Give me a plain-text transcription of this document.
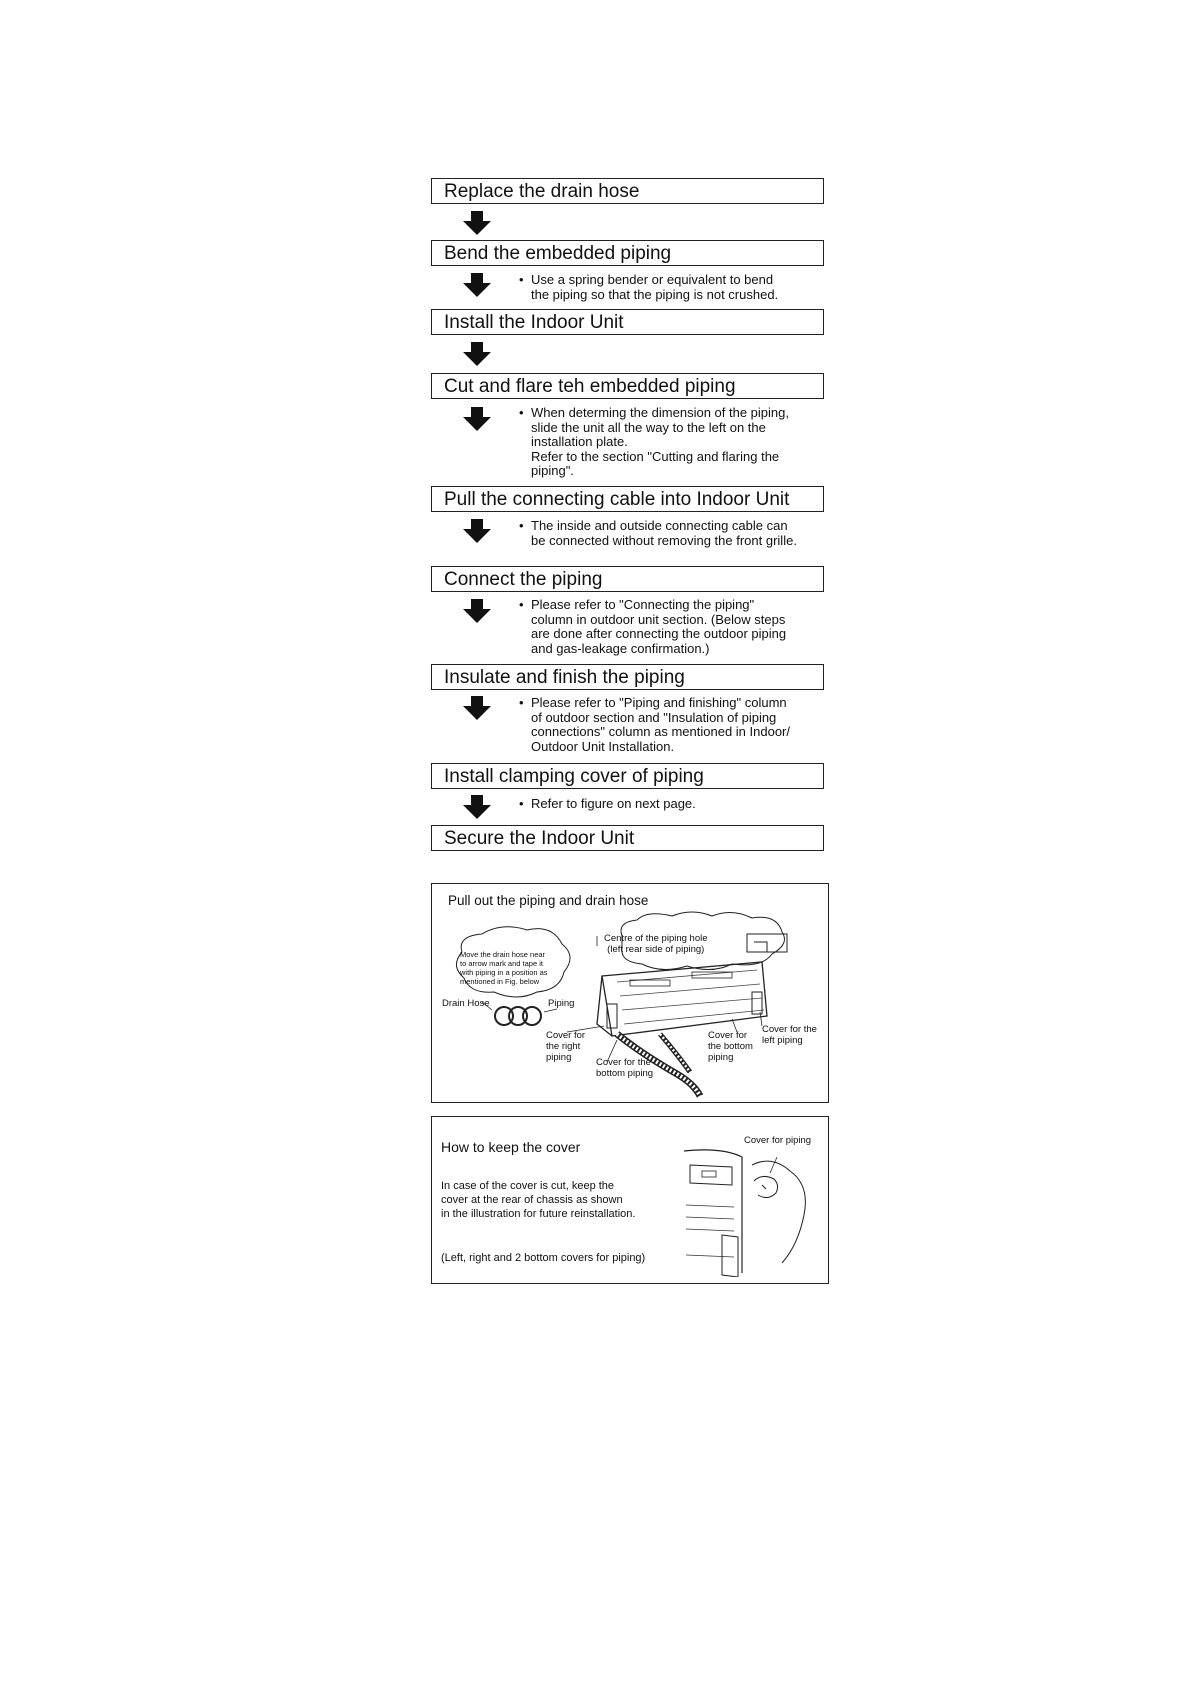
Replace the drain hose
Bend the embedded piping
• Use a spring bender or equivalent to bend
the piping so that the piping is not crushed.
Install the Indoor Unit
Cut and flare teh embedded piping
• When determing the dimension of the piping,
slide the unit all the way to the left on the
installation plate.
Refer to the section "Cutting and flaring the
piping".
Pull the connecting cable into Indoor Unit
• The inside and outside connecting cable can
be connected without removing the front grille.
Connect the piping
• Please refer to "Connecting the piping"
column in outdoor unit section. (Below steps
are done after connecting the outdoor piping
and gas-leakage confirmation.)
Insulate and finish the piping
• Please refer to "Piping and finishing" column
of outdoor section and "Insulation of piping
connections" column as mentioned in Indoor/
Outdoor Unit Installation.
Install clamping cover of piping
• Refer to figure on next page.
Secure the Indoor Unit
Pull out the piping and drain hose
Centre of the piping hole
(left rear side of piping)
Move the drain hose near
to arrow mark and tape it
with piping in a position as
mentioned in Fig. below
Drain Hose	Piping
Cover for
the right
piping	Cover for the
bottom piping
Cover for
the bottom
piping
Cover for the
left piping
How to keep the cover
In case of the cover is cut, keep the
cover at the rear of chassis as shown
in the illustration for future reinstallation.
(Left, right and 2 bottom covers for piping)
Cover for piping
